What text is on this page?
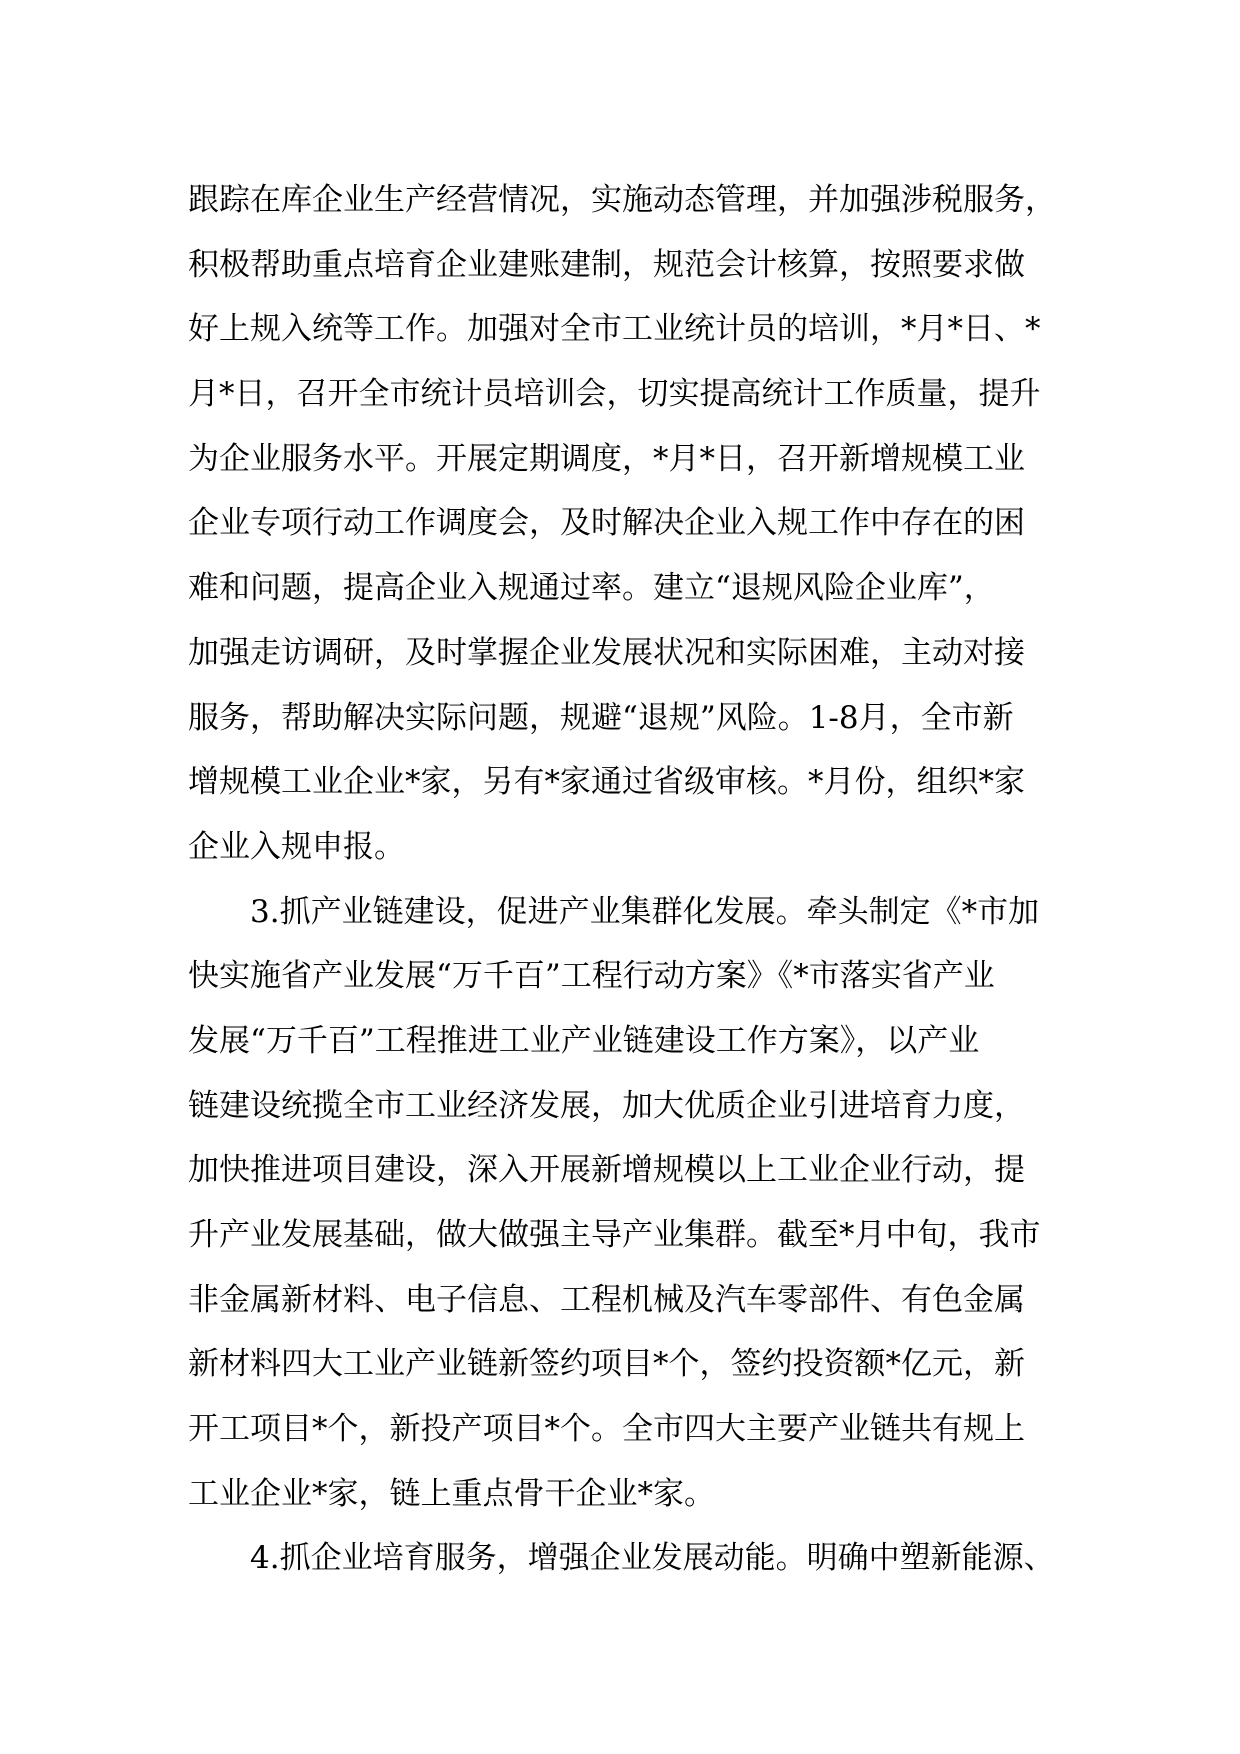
跟踪在库企业生产经营情况，实施动态管理，并加强涉税服务，
积极帮助重点培育企业建账建制，规范会计核算，按照要求做
好上规入统等工作。加强对全市工业统计员的培训，*月*日、*
月*日，召开全市统计员培训会，切实提高统计工作质量，提升
为企业服务水平。开展定期调度，*月*日，召开新增规模工业
企业专项行动工作调度会，及时解决企业入规工作中存在的困
难和问题，提高企业入规通过率。建立“退规风险企业库”，
加强走访调研，及时掌握企业发展状况和实际困难，主动对接
服务，帮助解决实际问题，规避“退规”风险。1-8月，全市新
增规模工业企业*家，另有*家通过省级审核。*月份，组织*家
企业入规申报。
3.抓产业链建设，促进产业集群化发展。牵头制定《*市加
快实施省产业发展“万千百”工程行动方案》《*市落实省产业
发展“万千百”工程推进工业产业链建设工作方案》，以产业
链建设统揽全市工业经济发展，加大优质企业引进培育力度，
加快推进项目建设，深入开展新增规模以上工业企业行动，提
升产业发展基础，做大做强主导产业集群。截至*月中旬，我市
非金属新材料、电子信息、工程机械及汽车零部件、有色金属
新材料四大工业产业链新签约项目*个，签约投资额*亿元，新
开工项目*个，新投产项目*个。全市四大主要产业链共有规上
工业企业*家，链上重点骨干企业*家。
4.抓企业培育服务，增强企业发展动能。明确中塑新能源、
